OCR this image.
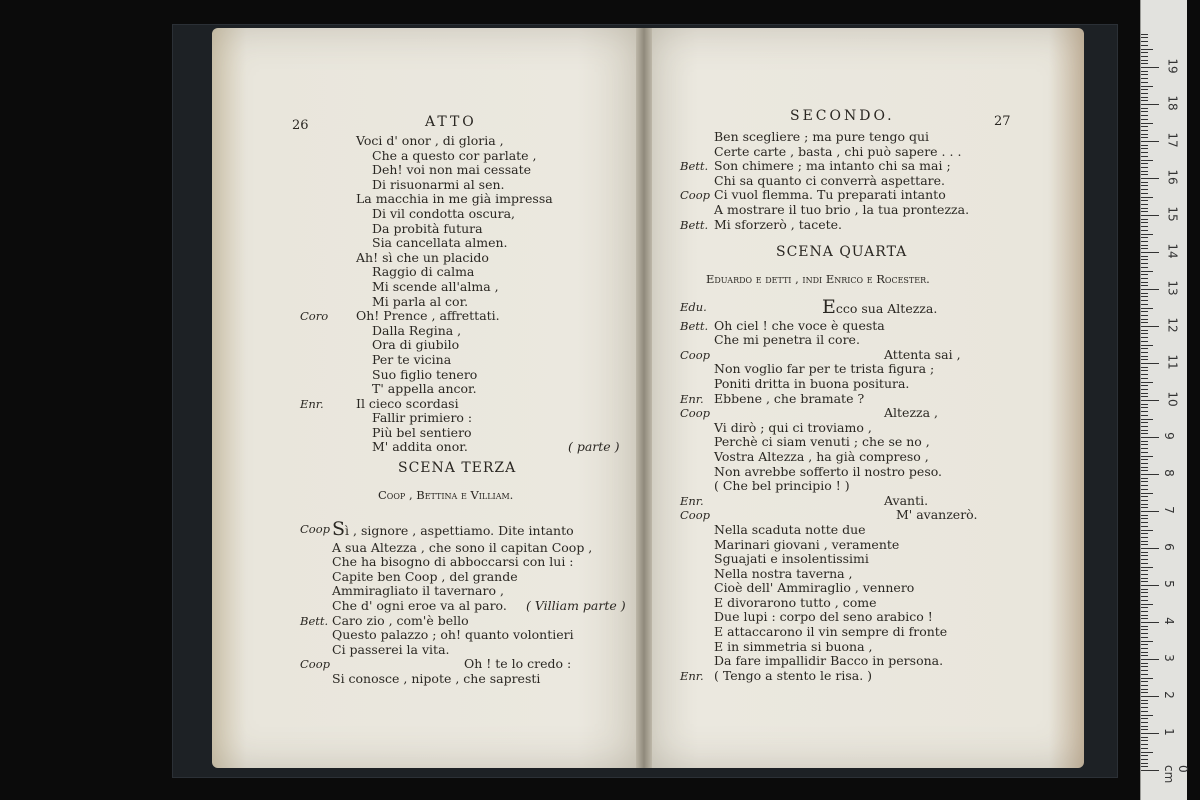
0 cm
1
2
3
4
5
6
7
8
9
10
11
12
13
14
15
16
17
18
19
26	ATTO
Voci d' onor , di gloria ,
Che a questo cor parlate ,
Deh! voi non mai cessate
Di risuonarmi al sen.
La macchia in me già impressa
Di vil condotta oscura,
Da probità futura
Sia cancellata almen.
Ah! sì che un placido
Raggio di calma
Mi scende all'alma ,
Mi parla al cor.
Coro Oh! Prence , affrettati.
Dalla Regina ,
Ora di giubilo
Per te vicina
Suo figlio tenero
T' appella ancor.
Enr.	Il cieco scordasi
Fallir primiero :
Più bel sentiero
M' addita onor.	( parte )
SCENA TERZA
Coop , Bettina e Villiam.
Coop Sì , signore , aspettiamo. Dite intanto
A sua Altezza , che sono il capitan Coop ,
Che ha bisogno di abboccarsi con lui :
Capite ben Coop , del grande
Ammiragliato il tavernaro ,
Che d' ogni eroe va al paro. ( Villiam parte )
Bett. Caro zio , com'è bello
Questo palazzo ; oh! quanto volontieri
Ci passerei la vita.
Coop	Oh ! te lo credo :
Si conosce , nipote , che sapresti
SECONDO.	27
Ben scegliere ; ma pure tengo qui
Certe carte , basta , chi può sapere . . .
Bett. Son chimere ; ma intanto chi sa mai ;
Chi sa quanto ci converrà aspettare.
Coop Ci vuol flemma. Tu preparati intanto
A mostrare il tuo brio , la tua prontezza.
Bett. Mi sforzerò , tacete.
SCENA QUARTA
Eduardo e detti , indi Enrico e Rocester.
Edu.	Ecco sua Altezza.
Bett. Oh ciel ! che voce è questa
Che mi penetra il core.
Coop	Attenta sai ,
Non voglio far per te trista figura ;
Poniti dritta in buona positura.
Enr. Ebbene , che bramate ?
Coop	Altezza ,
Vi dirò ; qui ci troviamo ,
Perchè ci siam venuti ; che se no ,
Vostra Altezza , ha già compreso ,
Non avrebbe sofferto il nostro peso.
( Che bel principio ! )
Enr.	Avanti.
Coop	M' avanzerò.
Nella scaduta notte due
Marinari giovani , veramente
Sguajati e insolentissimi
Nella nostra taverna ,
Cioè dell' Ammiraglio , vennero
E divorarono tutto , come
Due lupi : corpo del seno arabico !
E attaccarono il vin sempre di fronte
E in simmetria si buona ,
Da fare impallidir Bacco in persona.
Enr. ( Tengo a stento le risa. )
